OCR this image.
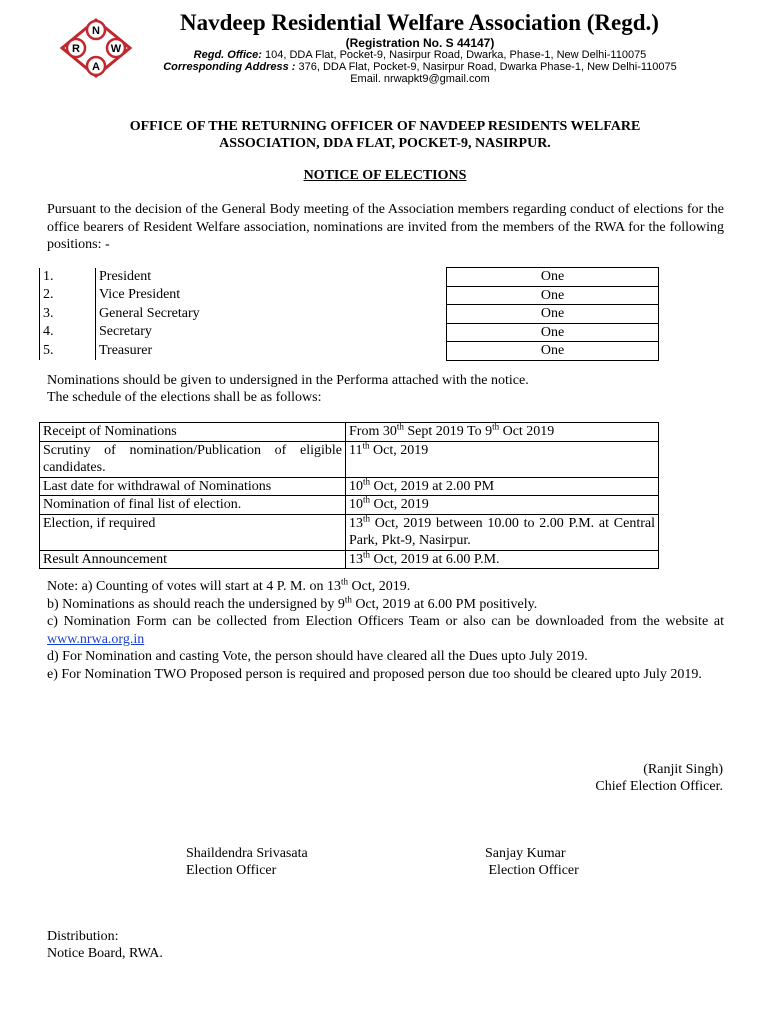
N
R	W
A
Navdeep Residential Welfare Association (Regd.)
(Registration No. S 44147)
Regd. Office: 104, DDA Flat, Pocket-9, Nasirpur Road, Dwarka, Phase-1, New Delhi-110075
Corresponding Address : 376, DDA Flat, Pocket-9, Nasirpur Road, Dwarka Phase-1, New Delhi-110075
Email. nrwapkt9@gmail.com
OFFICE OF THE RETURNING OFFICER OF NAVDEEP RESIDENTS WELFARE
ASSOCIATION, DDA FLAT, POCKET-9, NASIRPUR.
NOTICE OF ELECTIONS
Pursuant to the decision of the General Body meeting of the Association members regarding conduct of elections for the office bearers of Resident Welfare association, nominations are invited from the members of the RWA for the following positions: -
1.	President	One
2.	Vice President	One
3.	General Secretary	One
4.	Secretary	One
5.	Treasurer	One
Nominations should be given to undersigned in the Performa attached with the notice.
The schedule of the elections shall be as follows:
Receipt of Nominations	From 30th Sept 2019 To 9th Oct 2019
Scrutiny of nomination/Publication of eligible candidates.	11th Oct, 2019
Last date for withdrawal of Nominations	10th Oct, 2019 at 2.00 PM
Nomination of final list of election.	10th Oct, 2019
Election, if required	13th Oct, 2019 between 10.00 to 2.00 P.M. at Central Park, Pkt-9, Nasirpur.
Result Announcement	13th Oct, 2019 at 6.00 P.M.
Note: a) Counting of votes will start at 4 P. M. on 13th Oct, 2019.
b) Nominations as should reach the undersigned by 9th Oct, 2019 at 6.00 PM positively.
c) Nomination Form can be collected from Election Officers Team or also can be downloaded from the website at www.nrwa.org.in
d) For Nomination and casting Vote, the person should have cleared all the Dues upto July 2019.
e) For Nomination TWO Proposed person is required and proposed person due too should be cleared upto July 2019.
(Ranjit Singh)
Chief Election Officer.
Shaildendra Srivasata
Election Officer
Sanjay Kumar
Election Officer
Distribution:
Notice Board, RWA.
